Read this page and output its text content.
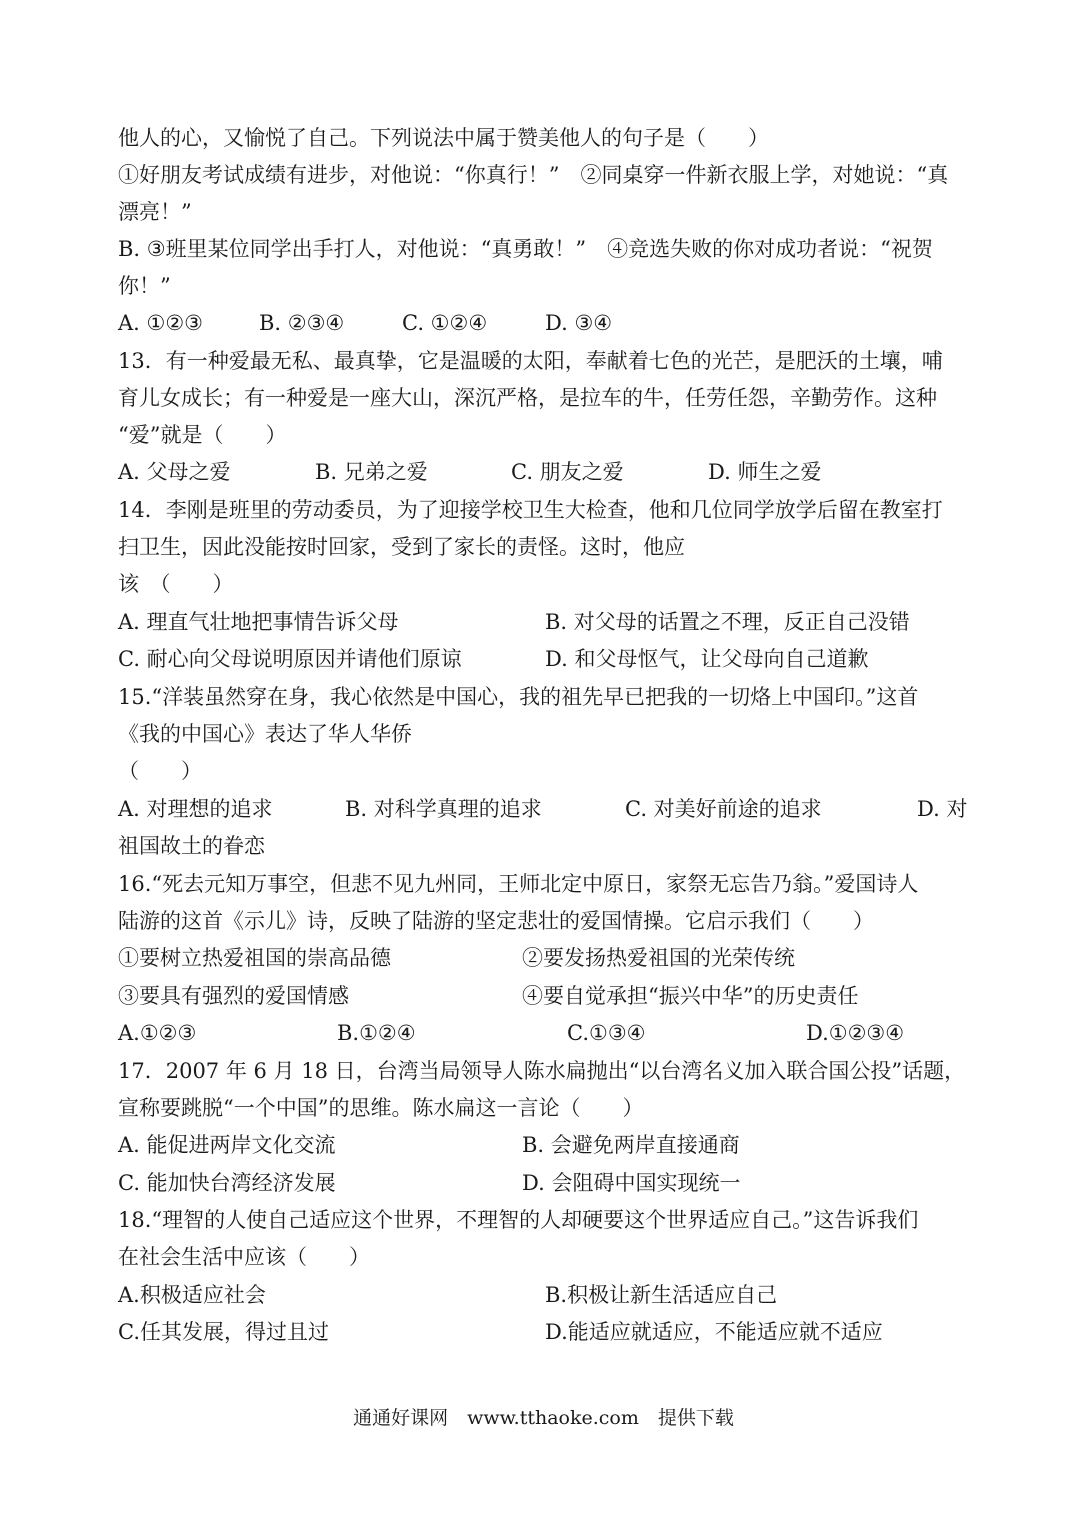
他人的心，又愉悦了自己。下列说法中属于赞美他人的句子是（　　）
①好朋友考试成绩有进步，对他说：“你真行！”　②同桌穿一件新衣服上学，对她说：“真
漂亮！”
B. ③班里某位同学出手打人，对他说：“真勇敢！”　④竞选失败的你对成功者说：“祝贺
你！”
A. ①②③	B. ②③④	C. ①②④	D. ③④
13．有一种爱最无私、最真挚，它是温暖的太阳，奉献着七色的光芒，是肥沃的土壤，哺
育儿女成长；有一种爱是一座大山，深沉严格，是拉车的牛，任劳任怨，辛勤劳作。这种
“爱”就是（　　）
A. 父母之爱	B. 兄弟之爱	C. 朋友之爱	D. 师生之爱
14．李刚是班里的劳动委员，为了迎接学校卫生大检查，他和几位同学放学后留在教室打
扫卫生，因此没能按时回家，受到了家长的责怪。这时，他应
该　（　　）
A. 理直气壮地把事情告诉父母	B. 对父母的话置之不理，反正自己没错
C. 耐心向父母说明原因并请他们原谅	D. 和父母怄气，让父母向自己道歉
15.“洋装虽然穿在身，我心依然是中国心，我的祖先早已把我的一切烙上中国印。”这首
《我的中国心》表达了华人华侨
（　　）
A. 对理想的追求	B. 对科学真理的追求	C. 对美好前途的追求	D. 对
祖国故土的眷恋
16.“死去元知万事空，但悲不见九州同，王师北定中原日，家祭无忘告乃翁。”爱国诗人
陆游的这首《示儿》诗，反映了陆游的坚定悲壮的爱国情操。它启示我们（　　）
①要树立热爱祖国的崇高品德	②要发扬热爱祖国的光荣传统
③要具有强烈的爱国情感	④要自觉承担“振兴中华”的历史责任
A.①②③	B.①②④	C.①③④	D.①②③④
17．2007 年 6 月 18 日，台湾当局领导人陈水扁抛出“以台湾名义加入联合国公投”话题，
宣称要跳脱“一个中国”的思维。陈水扁这一言论（　　）
A. 能促进两岸文化交流	B. 会避免两岸直接通商
C. 能加快台湾经济发展	D. 会阻碍中国实现统一
18.“理智的人使自己适应这个世界，不理智的人却硬要这个世界适应自己。”这告诉我们
在社会生活中应该（　　）
A.积极适应社会	B.积极让新生活适应自己
C.任其发展，得过且过	D.能适应就适应，不能适应就不适应
通通好课网　www.tthaoke.com　提供下载
